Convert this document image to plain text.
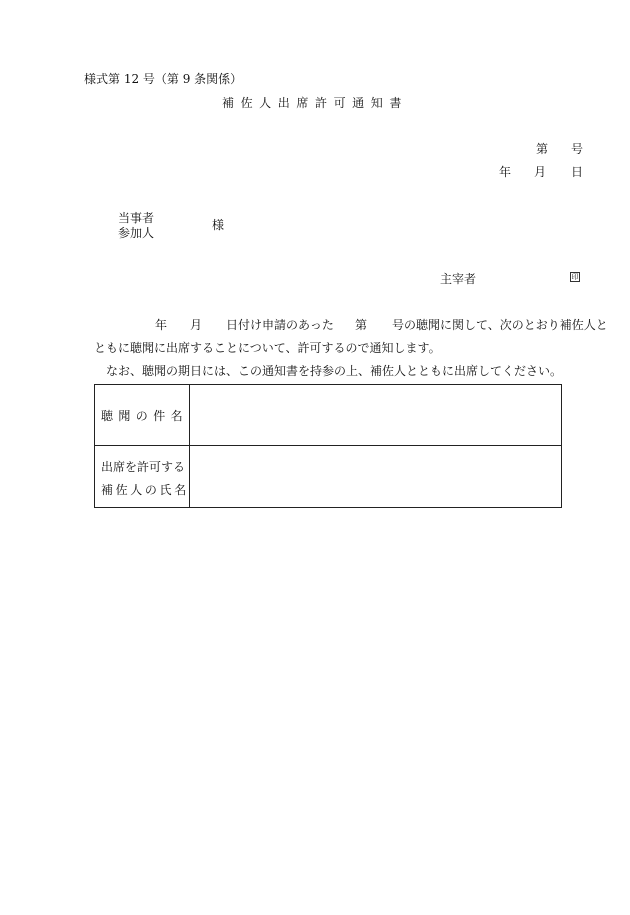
様式第 12 号（第 9 条関係）
補佐人出席許可通知書
第 号
年 月 日
当事者
参加人
様
主宰者	印
年 月 日付け申請のあった 第 号の聴聞に関して、次のとおり補佐人と
ともに聴聞に出席することについて、許可するので通知します。
なお、聴聞の期日には、この通知書を持参の上、補佐人とともに出席してください。
聴聞の件名
出席を許可する
補佐人の氏名
